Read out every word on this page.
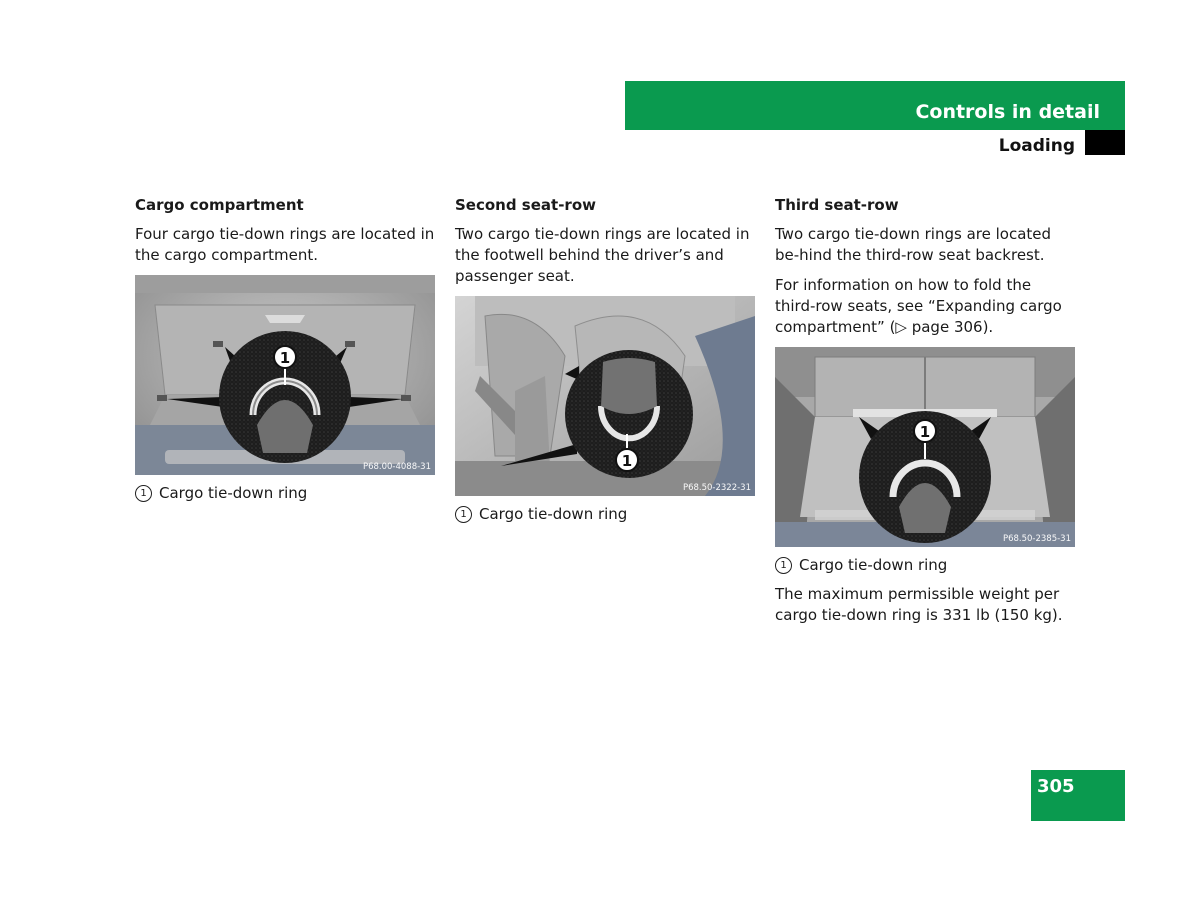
Controls in detail
Loading
Cargo compartment

Four cargo tie-down rings are located in the cargo compartment.

1
P68.00-4088-31
1 Cargo tie-down ring
Second seat-row

Two cargo tie-down rings are located in the footwell behind the driver’s and passenger seat.

1
P68.50-2322-31
1 Cargo tie-down ring
Third seat-row

Two cargo tie-down rings are located be-hind the third-row seat backrest.

For information on how to fold the third-row seats, see “Expanding cargo compartment” (▷ page 306).

1
P68.50-2385-31
1 Cargo tie-down ring

The maximum permissible weight per cargo tie-down ring is 331 lb (150 kg).

305
